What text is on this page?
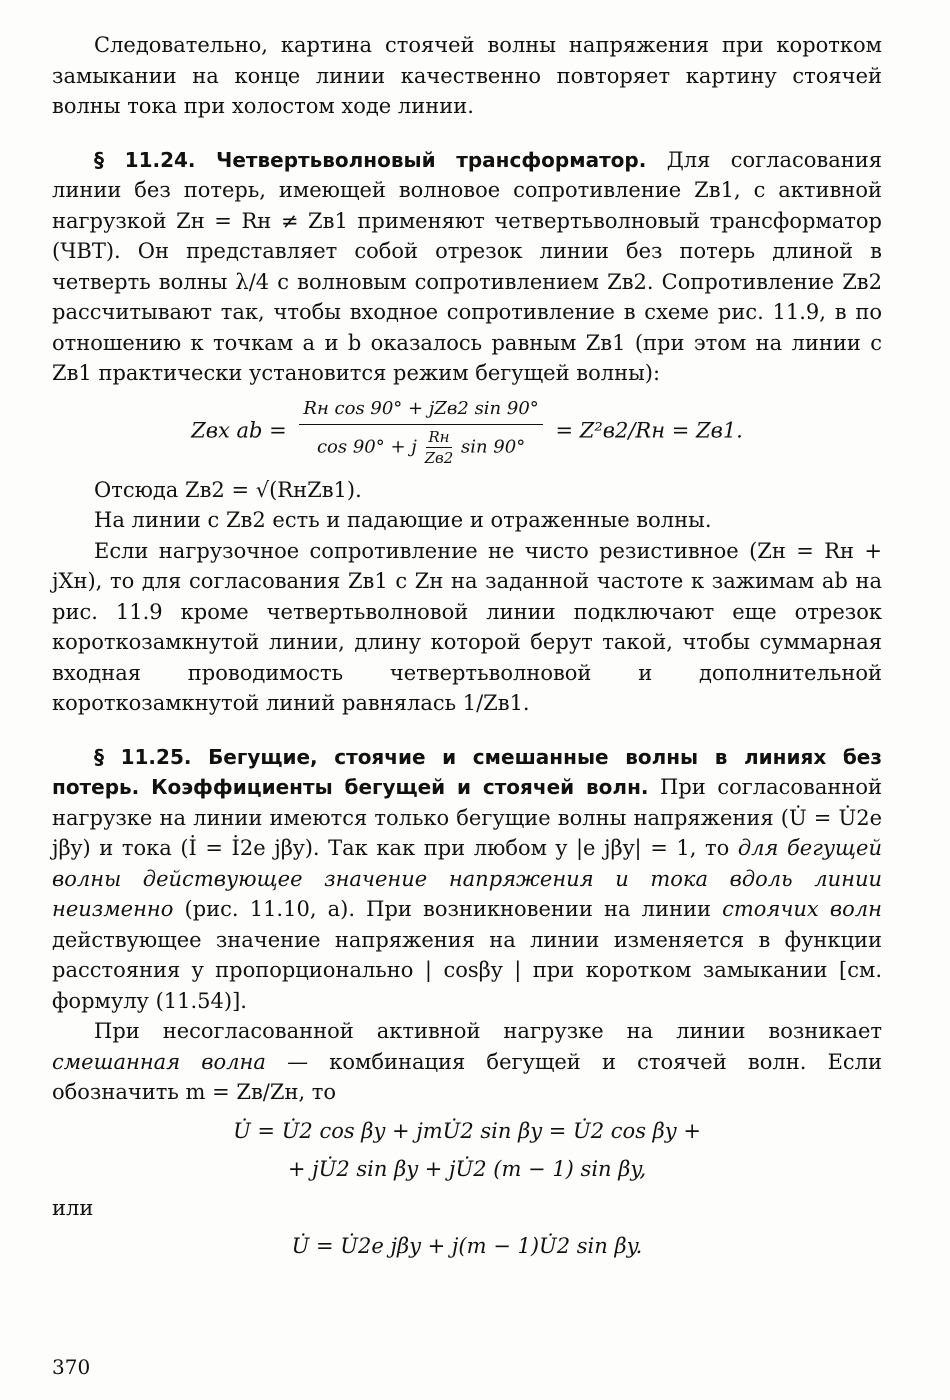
Следовательно, картина стоячей волны напряжения при коротком замыкании на конце линии качественно повторяет картину стоячей волны тока при холостом ходе линии.

§ 11.24. Четвертьволновый трансформатор. Для согласования линии без потерь, имеющей волновое сопротивление Zв1, с активной нагрузкой Zн = Rн ≠ Zв1 применяют четвертьволновый трансформатор (ЧВТ). Он представляет собой отрезок линии без потерь длиной в четверть волны λ/4 с волновым сопротивлением Zв2. Сопротивление Zв2 рассчитывают так, чтобы входное сопротивление в схеме рис. 11.9, в по отношению к точкам a и b оказалось равным Zв1 (при этом на линии с Zв1 практически установится режим бегущей волны):

Zвх ab =
Rн cos 90° + jZв2 sin 90°
cos 90° + j $\frac{Rн}{Zв2}$ sin 90°
= Z²в2/Rн = Zв1.

Отсюда Zв2 = √(RнZв1).

На линии с Zв2 есть и падающие и отраженные волны.

Если нагрузочное сопротивление не чисто резистивное (Zн = Rн + jXн), то для согласования Zв1 с Zн на заданной частоте к зажимам ab на рис. 11.9 кроме четвертьволновой линии подключают еще отрезок короткозамкнутой линии, длину которой берут такой, чтобы суммарная входная проводимость четвертьволновой и дополнительной короткозамкнутой линий равнялась 1/Zв1.

§ 11.25. Бегущие, стоячие и смешанные волны в линиях без потерь. Коэффициенты бегущей и стоячей волн. При согласованной нагрузке на линии имеются только бегущие волны напряжения (U̇ = U̇2e jβy) и тока (İ = İ2e jβy). Так как при любом y |e jβy| = 1, то для бегущей волны действующее значение напряжения и тока вдоль линии неизменно (рис. 11.10, a). При возникновении на линии стоячих волн действующее значение напряжения на линии изменяется в функции расстояния y пропорционально | cosβy | при коротком замыкании [см. формулу (11.54)].

При несогласованной активной нагрузке на линии возникает смешанная волна — комбинация бегущей и стоячей волн. Если обозначить m = Zв/Zн, то

U̇ = U̇2 cos βy + jmU̇2 sin βy = U̇2 cos βy +
+ jU̇2 sin βy + jU̇2 (m − 1) sin βy,

или

U̇ = U̇2e jβy + j(m − 1)U̇2 sin βy.
370
